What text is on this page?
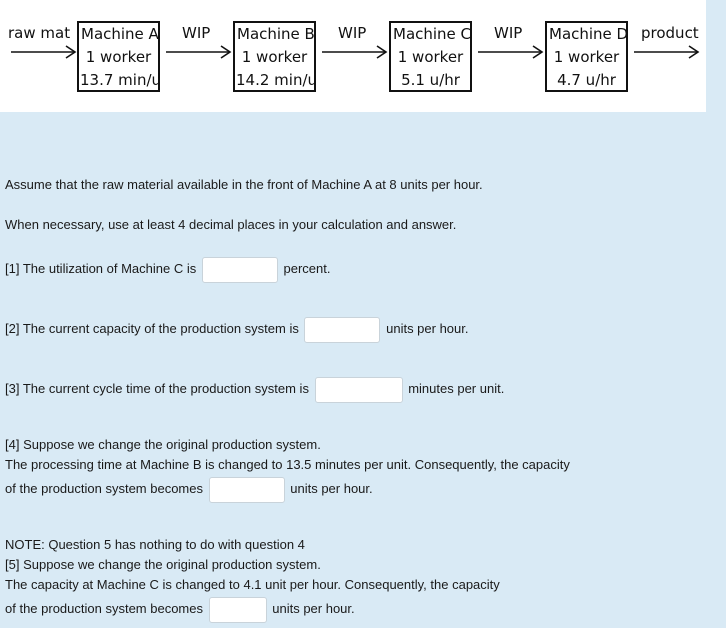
raw mat Machine A
1 worker
13.7 min/u
WIP Machine B
1 worker
14.2 min/u
WIP Machine C
1 worker
5.1 u/hr
WIP Machine D
1 worker
4.7 u/hr
product
Assume that the raw material available in the front of Machine A at 8 units per hour.
When necessary, use at least 4 decimal places in your calculation and answer.
[1] The utilization of Machine C is	percent.
[2] The current capacity of the production system is	units per hour.
[3] The current cycle time of the production system is	minutes per unit.
[4] Suppose we change the original production system.
The processing time at Machine B is changed to 13.5 minutes per unit. Consequently, the capacity
of the production system becomes	units per hour.
NOTE: Question 5 has nothing to do with question 4
[5] Suppose we change the original production system.
The capacity at Machine C is changed to 4.1 unit per hour. Consequently, the capacity
of the production system becomes	units per hour.
